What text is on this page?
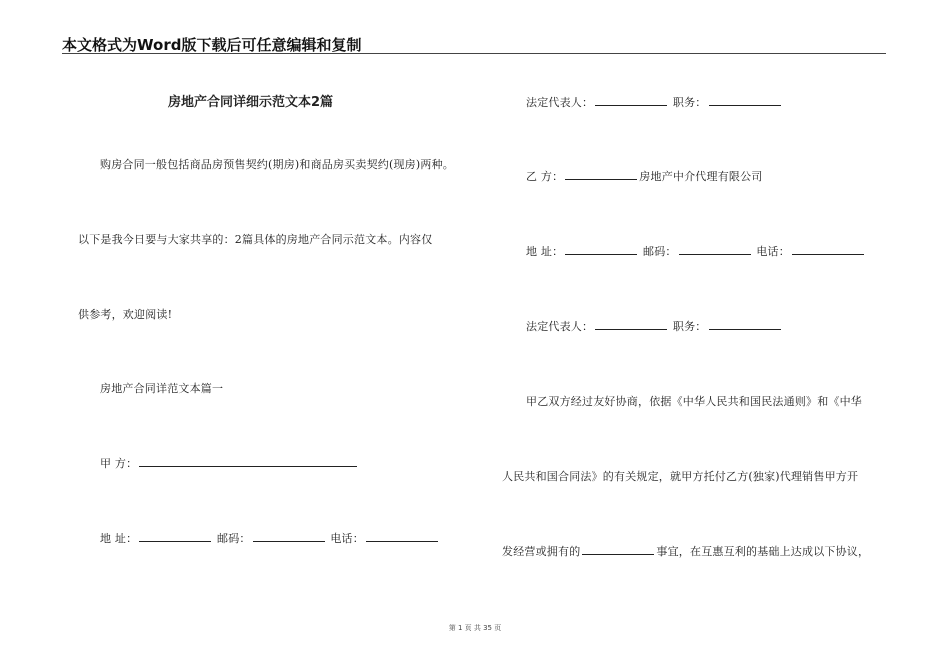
本文格式为Word版下载后可任意编辑和复制
房地产合同详细示范文本2篇
购房合同一般包括商品房预售契约(期房)和商品房买卖契约(现房)两种。
以下是我今日要与大家共享的：2篇具体的房地产合同示范文本。内容仅
供参考，欢迎阅读!
房地产合同详范文本篇一
甲 方：
地 址：	邮码：	电话：
法定代表人：	职务：
乙 方：	房地产中介代理有限公司
地 址：	邮码：	电话：
法定代表人：	职务：
甲乙双方经过友好协商，依据《中华人民共和国民法通则》和《中华
人民共和国合同法》的有关规定，就甲方托付乙方(独家)代理销售甲方开
发经营或拥有的	事宜，在互惠互利的基础上达成以下协议，
第 1 页 共 35 页
